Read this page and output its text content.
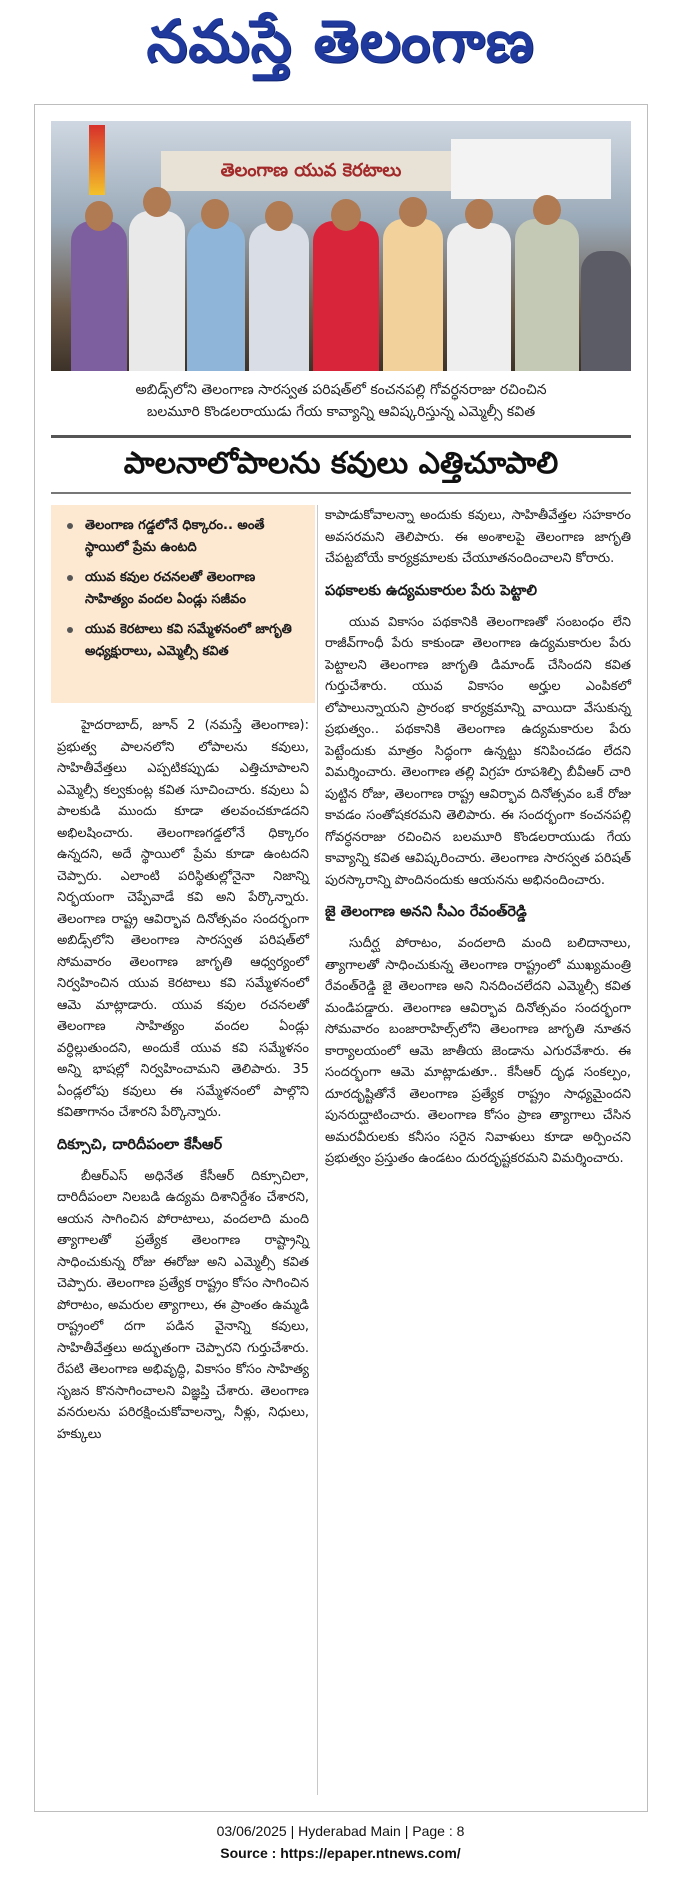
నమస్తే తెలంగాణ
తెలంగాణ యువ కెరటాలు
అబిడ్స్‌లోని తెలంగాణ సారస్వత పరిషత్‌లో కంచనపల్లి గోవర్ధనరాజు రచించిన
బలమూరి కొండలరాయుడు గేయ కావ్యాన్ని ఆవిష్కరిస్తున్న ఎమ్మెల్సీ కవిత
పాలనాలోపాలను కవులు ఎత్తిచూపాలి
తెలంగాణ గడ్డలోనే ధిక్కారం.. అంతే స్థాయిలో ప్రేమ ఉంటది
యువ కవుల రచనలతో తెలంగాణ సాహిత్యం వందల ఏండ్లు సజీవం
యువ కెరటాలు కవి సమ్మేళనంలో జాగృతి అధ్యక్షురాలు, ఎమ్మెల్సీ కవిత

హైదరాబాద్, జూన్ 2 (నమస్తే తెలంగాణ): ప్రభుత్వ పాలనలోని లోపాలను కవులు, సాహితీవేత్తలు ఎప్పటికప్పుడు ఎత్తిచూపాలని ఎమ్మెల్సీ కల్వకుంట్ల కవిత సూచించారు. కవులు ఏ పాలకుడి ముందు కూడా తలవంచకూడదని అభిలషించారు. తెలంగాణగడ్డలోనే ధిక్కారం ఉన్నదని, అదే స్థాయిలో ప్రేమ కూడా ఉంటదని చెప్పారు. ఎలాంటి పరిస్థితుల్లోనైనా నిజాన్ని నిర్భయంగా చెప్పేవాడే కవి అని పేర్కొన్నారు. తెలంగాణ రాష్ట్ర ఆవిర్భావ దినోత్సవం సందర్భంగా అబిడ్స్‌లోని తెలంగాణ సారస్వత పరిషత్‌లో సోమవారం తెలంగాణ జాగృతి ఆధ్వర్యంలో నిర్వహించిన యువ కెరటాలు కవి సమ్మేళనంలో ఆమె మాట్లాడారు. యువ కవుల రచనలతో తెలంగాణ సాహిత్యం వందల ఏండ్లు వర్ధిల్లుతుందని, అందుకే యువ కవి సమ్మేళనం అన్ని భాషల్లో నిర్వహించామని తెలిపారు. 35 ఏండ్లలోపు కవులు ఈ సమ్మేళనంలో పాల్గొని కవితాగానం చేశారని పేర్కొన్నారు.

దిక్సూచి, దారిదీపంలా కేసీఆర్

బీఆర్‌ఎస్ అధినేత కేసీఆర్ దిక్సూచిలా, దారిదీపంలా నిలబడి ఉద్యమ దిశానిర్దేశం చేశారని, ఆయన సాగించిన పోరాటాలు, వందలాది మంది త్యాగాలతో ప్రత్యేక తెలంగాణ రాష్ట్రాన్ని సాధించుకున్న రోజు ఈరోజు అని ఎమ్మెల్సీ కవిత చెప్పారు. తెలంగాణ ప్రత్యేక రాష్ట్రం కోసం సాగించిన పోరాటం, అమరుల త్యాగాలు, ఈ ప్రాంతం ఉమ్మడి రాష్ట్రంలో దగా పడిన వైనాన్ని కవులు, సాహితీవేత్తలు అద్భుతంగా చెప్పారని గుర్తుచేశారు. రేపటి తెలంగాణ అభివృద్ధి, వికాసం కోసం సాహిత్య సృజన కొనసాగించాలని విజ్ఞప్తి చేశారు. తెలంగాణ వనరులను పరిరక్షించుకోవాలన్నా, నీళ్లు, నిధులు, హక్కులు

కాపాడుకోవాలన్నా అందుకు కవులు, సాహితీవేత్తల సహకారం అవసరమని తెలిపారు. ఈ అంశాలపై తెలంగాణ జాగృతి చేపట్టబోయే కార్యక్రమాలకు చేయూతనందించాలని కోరారు.

పథకాలకు ఉద్యమకారుల పేరు పెట్టాలి

యువ వికాసం పథకానికి తెలంగాణతో సంబంధం లేని రాజీవ్‌గాంధీ పేరు కాకుండా తెలంగాణ ఉద్యమకారుల పేరు పెట్టాలని తెలంగాణ జాగృతి డిమాండ్ చేసిందని కవిత గుర్తుచేశారు. యువ వికాసం అర్హుల ఎంపికలో లోపాలున్నాయని ప్రారంభ కార్యక్రమాన్ని వాయిదా వేసుకున్న ప్రభుత్వం.. పథకానికి తెలంగాణ ఉద్యమకారుల పేరు పెట్టేందుకు మాత్రం సిద్ధంగా ఉన్నట్టు కనిపించడం లేదని విమర్శించారు. తెలంగాణ తల్లి విగ్రహ రూపశిల్పి బీవీఆర్ చారి పుట్టిన రోజు, తెలంగాణ రాష్ట్ర ఆవిర్భావ దినోత్సవం ఒకే రోజు కావడం సంతోషకరమని తెలిపారు. ఈ సందర్భంగా కంచనపల్లి గోవర్ధనరాజు రచించిన బలమూరి కొండలరాయుడు గేయ కావ్యాన్ని కవిత ఆవిష్కరించారు. తెలంగాణ సారస్వత పరిషత్ పురస్కారాన్ని పొందినందుకు ఆయనను అభినందించారు.

జై తెలంగాణ అనని సీఎం రేవంత్‌రెడ్డి

సుదీర్ఘ పోరాటం, వందలాది మంది బలిదానాలు, త్యాగాలతో సాధించుకున్న తెలంగాణ రాష్ట్రంలో ముఖ్యమంత్రి రేవంత్‌రెడ్డి జై తెలంగాణ అని నినదించలేదని ఎమ్మెల్సీ కవిత మండిపడ్డారు. తెలంగాణ ఆవిర్భావ దినోత్సవం సందర్భంగా సోమవారం బంజారాహిల్స్‌లోని తెలంగాణ జాగృతి నూతన కార్యాలయంలో ఆమె జాతీయ జెండాను ఎగురవేశారు. ఈ సందర్భంగా ఆమె మాట్లాడుతూ.. కేసీఆర్ దృఢ సంకల్పం, దూరదృష్టితోనే తెలంగాణ ప్రత్యేక రాష్ట్రం సాధ్యమైందని పునరుద్ఘాటించారు. తెలంగాణ కోసం ప్రాణ త్యాగాలు చేసిన అమరవీరులకు కనీసం సరైన నివాళులు కూడా అర్పించని ప్రభుత్వం ప్రస్తుతం ఉండటం దురదృష్టకరమని విమర్శించారు.

03/06/2025 | Hyderabad Main | Page : 8
Source : https://epaper.ntnews.com/
